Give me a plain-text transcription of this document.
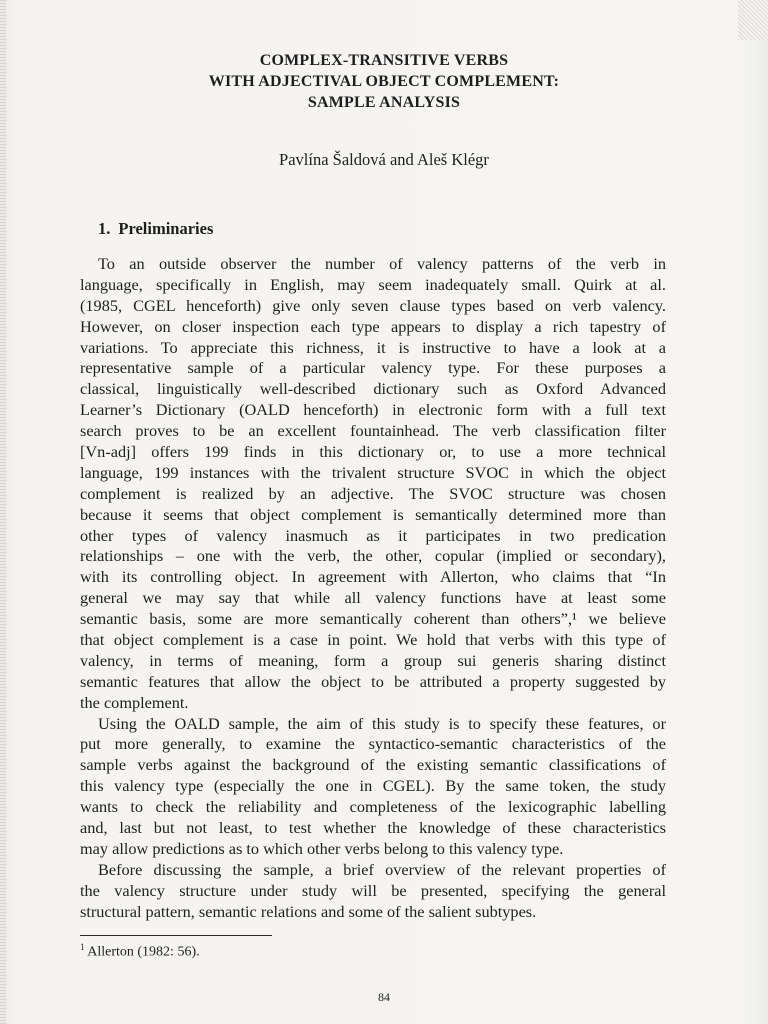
COMPLEX-TRANSITIVE VERBS
WITH ADJECTIVAL OBJECT COMPLEMENT:
SAMPLE ANALYSIS
Pavlína Šaldová and Aleš Klégr
1. Preliminaries
To an outside observer the number of valency patterns of the verb in
language, specifically in English, may seem inadequately small. Quirk at al.
(1985, CGEL henceforth) give only seven clause types based on verb valency.
However, on closer inspection each type appears to display a rich tapestry of
variations. To appreciate this richness, it is instructive to have a look at a
representative sample of a particular valency type. For these purposes a
classical, linguistically well-described dictionary such as Oxford Advanced
Learner’s Dictionary (OALD henceforth) in electronic form with a full text
search proves to be an excellent fountainhead. The verb classification filter
[Vn-adj] offers 199 finds in this dictionary or, to use a more technical
language, 199 instances with the trivalent structure SVOC in which the object
complement is realized by an adjective. The SVOC structure was chosen
because it seems that object complement is semantically determined more than
other types of valency inasmuch as it participates in two predication
relationships – one with the verb, the other, copular (implied or secondary),
with its controlling object. In agreement with Allerton, who claims that “In
general we may say that while all valency functions have at least some
semantic basis, some are more semantically coherent than others”,¹ we believe
that object complement is a case in point. We hold that verbs with this type of
valency, in terms of meaning, form a group sui generis sharing distinct
semantic features that allow the object to be attributed a property suggested by
the complement.
Using the OALD sample, the aim of this study is to specify these features, or
put more generally, to examine the syntactico-semantic characteristics of the
sample verbs against the background of the existing semantic classifications of
this valency type (especially the one in CGEL). By the same token, the study
wants to check the reliability and completeness of the lexicographic labelling
and, last but not least, to test whether the knowledge of these characteristics
may allow predictions as to which other verbs belong to this valency type.
Before discussing the sample, a brief overview of the relevant properties of
the valency structure under study will be presented, specifying the general
structural pattern, semantic relations and some of the salient subtypes.
$^1$ Allerton (1982: 56).
84
